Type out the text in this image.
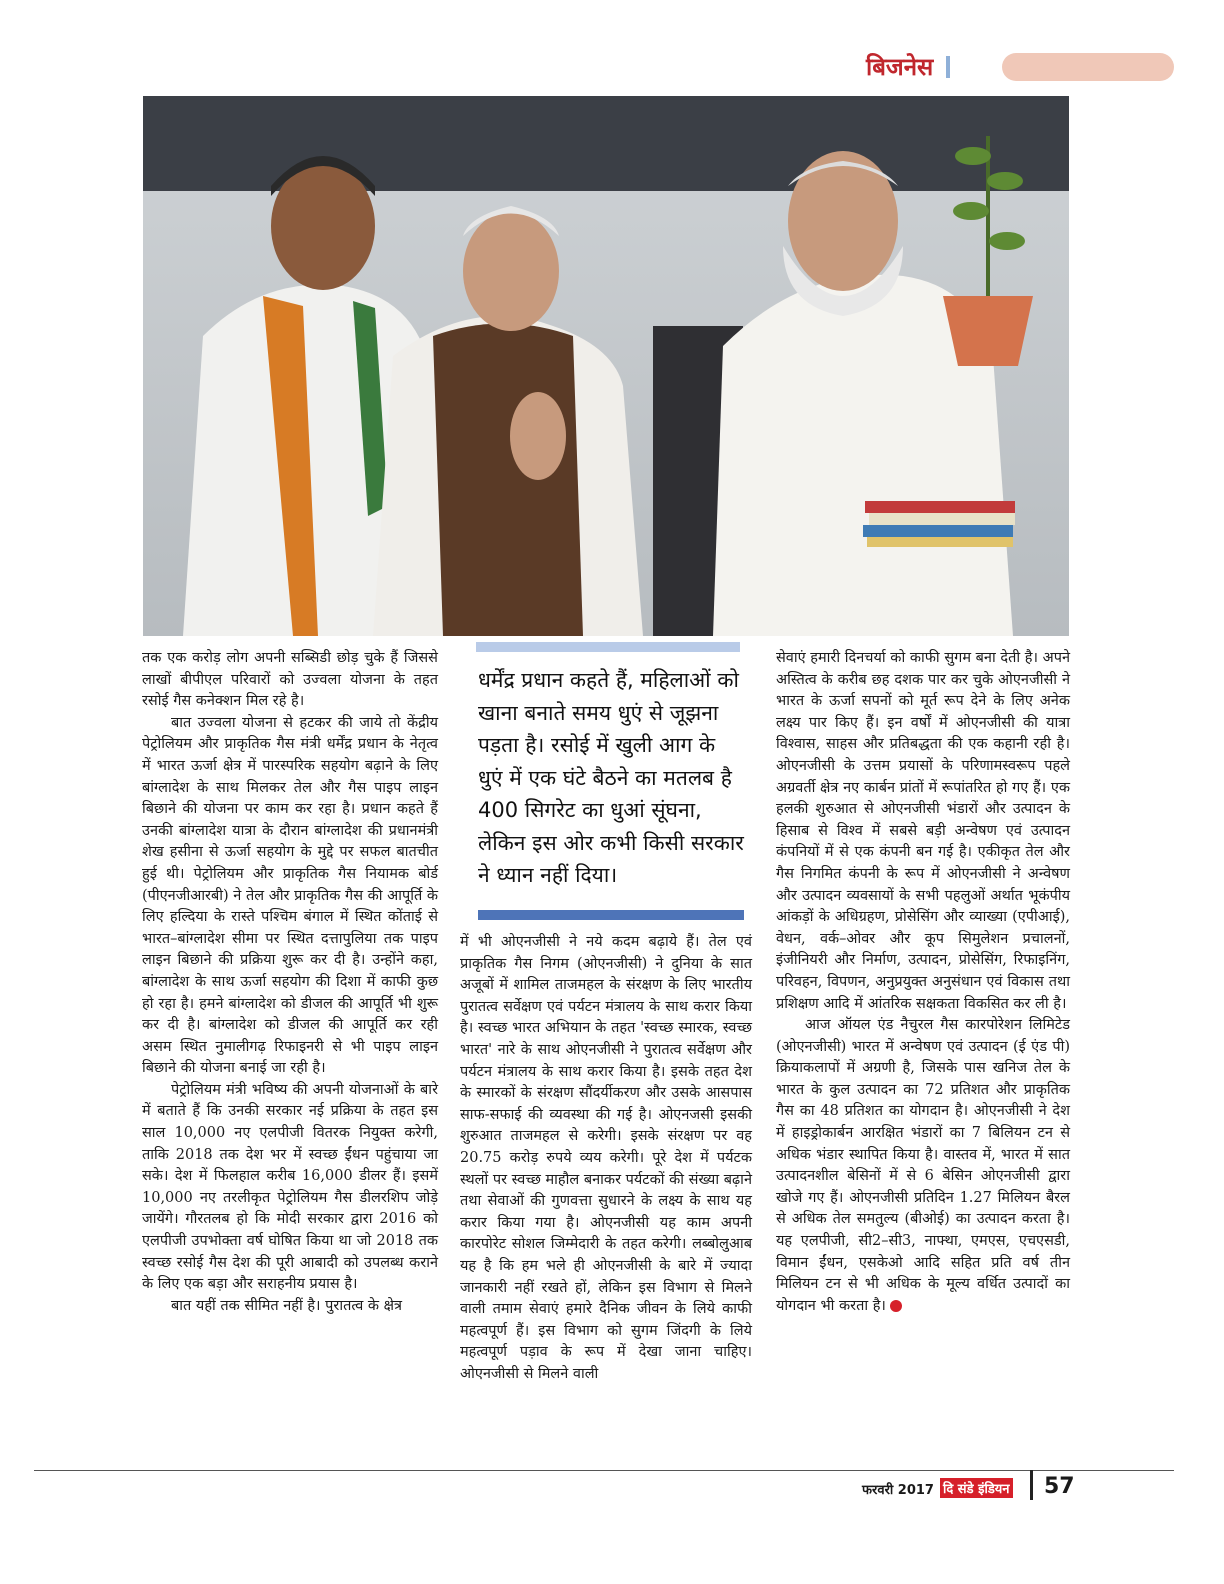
बिजनेस

तक एक करोड़ लोग अपनी सब्सिडी छोड़ चुके हैं जिससे लाखों बीपीएल परिवारों को उज्वला योजना के तहत रसोई गैस कनेक्शन मिल रहे है।

बात उज्वला योजना से हटकर की जाये तो केंद्रीय पेट्रोलियम और प्राकृतिक गैस मंत्री धर्मेंद्र प्रधान के नेतृत्व में भारत ऊर्जा क्षेत्र में पारस्परिक सहयोग बढ़ाने के लिए बांग्लादेश के साथ मिलकर तेल और गैस पाइप लाइन बिछाने की योजना पर काम कर रहा है। प्रधान कहते हैं उनकी बांग्लादेश यात्रा के दौरान बांग्लादेश की प्रधानमंत्री शेख हसीना से ऊर्जा सहयोग के मुद्दे पर सफल बातचीत हुई थी। पेट्रोलियम और प्राकृतिक गैस नियामक बोर्ड (पीएनजीआरबी) ने तेल और प्राकृतिक गैस की आपूर्ति के लिए हल्दिया के रास्ते पश्चिम बंगाल में स्थित कोंताई से भारत–बांग्लादेश सीमा पर स्थित दत्तापुलिया तक पाइप लाइन बिछाने की प्रक्रिया शुरू कर दी है। उन्होंने कहा, बांग्लादेश के साथ ऊर्जा सहयोग की दिशा में काफी कुछ हो रहा है। हमने बांग्लादेश को डीजल की आपूर्ति भी शुरू कर दी है। बांग्लादेश को डीजल की आपूर्ति कर रही असम स्थित नुमालीगढ़ रिफाइनरी से भी पाइप लाइन बिछाने की योजना बनाई जा रही है।

पेट्रोलियम मंत्री भविष्य की अपनी योजनाओं के बारे में बताते हैं कि उनकी सरकार नई प्रक्रिया के तहत इस साल 10,000 नए एलपीजी वितरक नियुक्त करेगी, ताकि 2018 तक देश भर में स्वच्छ ईंधन पहुंचाया जा सके। देश में फिलहाल करीब 16,000 डीलर हैं। इसमें 10,000 नए तरलीकृत पेट्रोलियम गैस डीलरशिप जोड़े जायेंगे। गौरतलब हो कि मोदी सरकार द्वारा 2016 को एलपीजी उपभोक्ता वर्ष घोषित किया था जो 2018 तक स्वच्छ रसोई गैस देश की पूरी आबादी को उपलब्ध कराने के लिए एक बड़ा और सराहनीय प्रयास है।

बात यहीं तक सीमित नहीं है। पुरातत्व के क्षेत्र

धर्मेंद्र प्रधान कहते हैं, महिलाओं को खाना बनाते समय धुएं से जूझना पड़ता है। रसोई में खुली आग के धुएं में एक घंटे बैठने का मतलब है 400 सिगरेट का धुआं सूंघना, लेकिन इस ओर कभी किसी सरकार ने ध्यान नहीं दिया।

में भी ओएनजीसी ने नये कदम बढ़ाये हैं। तेल एवं प्राकृतिक गैस निगम (ओएनजीसी) ने दुनिया के सात अजूबों में शामिल ताजमहल के संरक्षण के लिए भारतीय पुरातत्व सर्वेक्षण एवं पर्यटन मंत्रालय के साथ करार किया है। स्वच्छ भारत अभियान के तहत 'स्वच्छ स्मारक, स्वच्छ भारत' नारे के साथ ओएनजीसी ने पुरातत्व सर्वेक्षण और पर्यटन मंत्रालय के साथ करार किया है। इसके तहत देश के स्मारकों के संरक्षण सौंदर्यीकरण और उसके आसपास साफ-सफाई की व्यवस्था की गई है। ओएनजसी इसकी शुरुआत ताजमहल से करेगी। इसके संरक्षण पर वह 20.75 करोड़ रुपये व्यय करेगी। पूरे देश में पर्यटक स्थलों पर स्वच्छ माहौल बनाकर पर्यटकों की संख्या बढ़ाने तथा सेवाओं की गुणवत्ता सुधारने के लक्ष्य के साथ यह करार किया गया है। ओएनजीसी यह काम अपनी कारपोरेट सोशल जिम्मेदारी के तहत करेगी। लब्बोलुआब यह है कि हम भले ही ओएनजीसी के बारे में ज्यादा जानकारी नहीं रखते हों, लेकिन इस विभाग से मिलने वाली तमाम सेवाएं हमारे दैनिक जीवन के लिये काफी महत्वपूर्ण हैं। इस विभाग को सुगम जिंदगी के लिये महत्वपूर्ण पड़ाव के रूप में देखा जाना चाहिए। ओएनजीसी से मिलने वाली

सेवाएं हमारी दिनचर्या को काफी सुगम बना देती है। अपने अस्तित्व के करीब छह दशक पार कर चुके ओएनजीसी ने भारत के ऊर्जा सपनों को मूर्त रूप देने के लिए अनेक लक्ष्य पार किए हैं। इन वर्षों में ओएनजीसी की यात्रा विश्वास, साहस और प्रतिबद्धता की एक कहानी रही है। ओएनजीसी के उत्तम प्रयासों के परिणामस्वरूप पहले अग्रवर्ती क्षेत्र नए कार्बन प्रांतों में रूपांतरित हो गए हैं। एक हलकी शुरुआत से ओएनजीसी भंडारों और उत्पादन के हिसाब से विश्व में सबसे बड़ी अन्वेषण एवं उत्पादन कंपनियों में से एक कंपनी बन गई है। एकीकृत तेल और गैस निगमित कंपनी के रूप में ओएनजीसी ने अन्वेषण और उत्पादन व्यवसायों के सभी पहलुओं अर्थात भूकंपीय आंकड़ों के अधिग्रहण, प्रोसेसिंग और व्याख्या (एपीआई), वेधन, वर्क–ओवर और कूप सिमुलेशन प्रचालनों, इंजीनियरी और निर्माण, उत्पादन, प्रोसेसिंग, रिफाइनिंग, परिवहन, विपणन, अनुप्रयुक्त अनुसंधान एवं विकास तथा प्रशिक्षण आदि में आंतरिक सक्षकता विकसित कर ली है।

आज ऑयल एंड नैचुरल गैस कारपोरेशन लिमिटेड (ओएनजीसी) भारत में अन्वेषण एवं उत्पादन (ई एंड पी) क्रियाकलापों में अग्रणी है, जिसके पास खनिज तेल के भारत के कुल उत्पादन का 72 प्रतिशत और प्राकृतिक गैस का 48 प्रतिशत का योगदान है। ओएनजीसी ने देश में हाइड्रोकार्बन आरक्षित भंडारों का 7 बिलियन टन से अधिक भंडार स्थापित किया है। वास्तव में, भारत में सात उत्पादनशील बेसिनों में से 6 बेसिन ओएनजीसी द्वारा खोजे गए हैं। ओएनजीसी प्रतिदिन 1.27 मिलियन बैरल से अधिक तेल समतुल्य (बीओई) का उत्पादन करता है। यह एलपीजी, सी2–सी3, नाफ्था, एमएस, एचएसडी, विमान ईंधन, एसकेओ आदि सहित प्रति वर्ष तीन मिलियन टन से भी अधिक के मूल्य वर्धित उत्पादों का योगदान भी करता है।

फरवरी 2017 दि संडे इंडियन 57
